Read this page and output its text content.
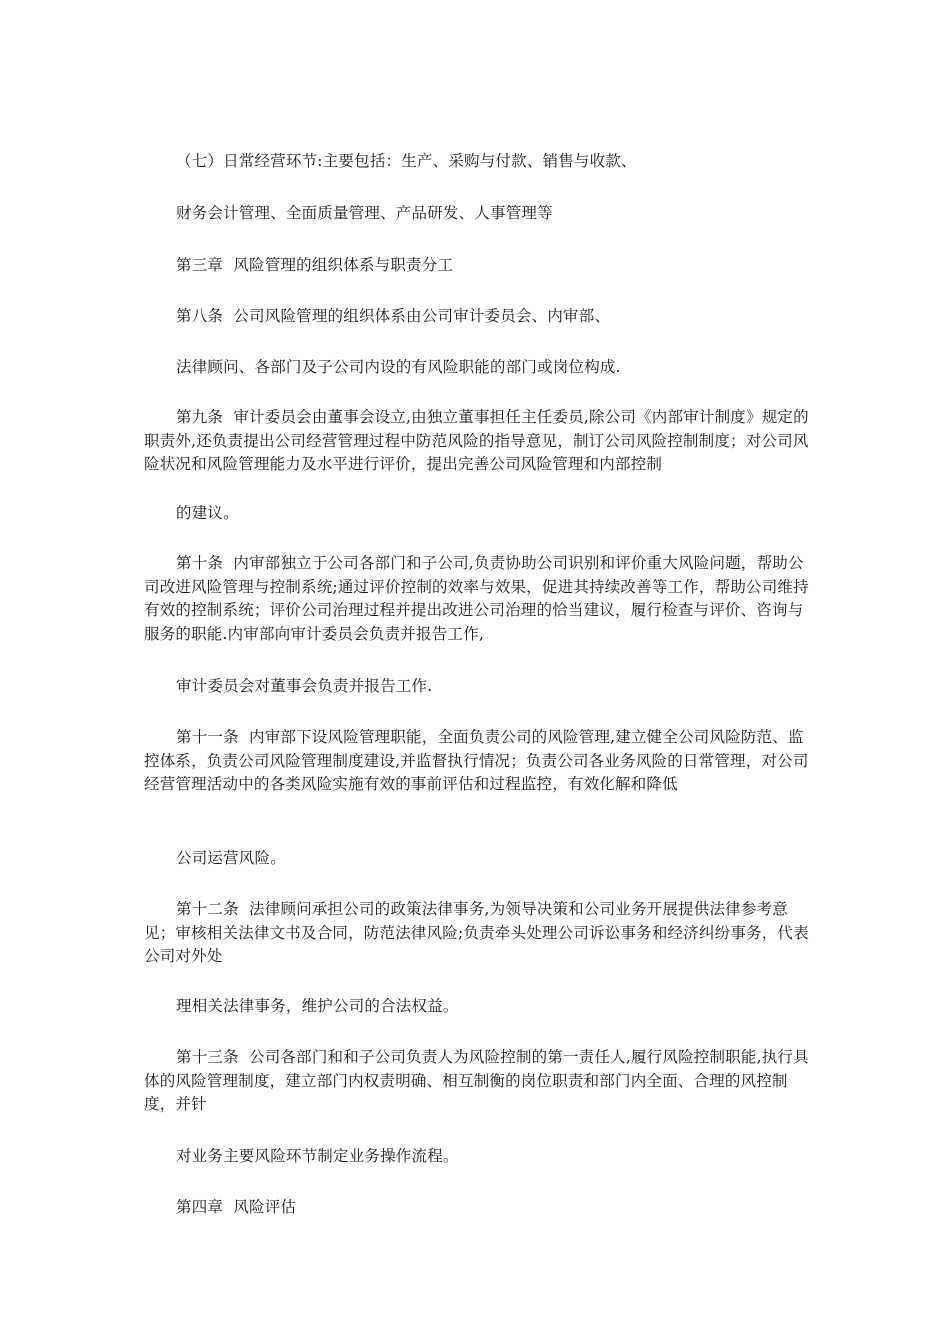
（七）日常经营环节:主要包括：生产、采购与付款、销售与收款、

财务会计管理、全面质量管理、产品研发、人事管理等

第三章  风险管理的组织体系与职责分工

第八条  公司风险管理的组织体系由公司审计委员会、内审部、

法律顾问、各部门及子公司内设的有风险职能的部门或岗位构成.

第九条  审计委员会由董事会设立,由独立董事担任主任委员,除公司《内部审计制度》规定的职责外,还负责提出公司经营管理过程中防范风险的指导意见，制订公司风险控制制度；对公司风险状况和风险管理能力及水平进行评价，提出完善公司风险管理和内部控制

的建议。

第十条  内审部独立于公司各部门和子公司,负责协助公司识别和评价重大风险问题，帮助公司改进风险管理与控制系统;通过评价控制的效率与效果，促进其持续改善等工作，帮助公司维持有效的控制系统；评价公司治理过程并提出改进公司治理的恰当建议，履行检查与评价、咨询与服务的职能.内审部向审计委员会负责并报告工作,

审计委员会对董事会负责并报告工作.

第十一条  内审部下设风险管理职能，全面负责公司的风险管理,建立健全公司风险防范、监控体系，负责公司风险管理制度建设,并监督执行情况；负责公司各业务风险的日常管理，对公司经营管理活动中的各类风险实施有效的事前评估和过程监控，有效化解和降低

公司运营风险。

第十二条  法律顾问承担公司的政策法律事务,为领导决策和公司业务开展提供法律参考意见；审核相关法律文书及合同，防范法律风险;负责牵头处理公司诉讼事务和经济纠纷事务，代表公司对外处

理相关法律事务，维护公司的合法权益。

第十三条  公司各部门和和子公司负责人为风险控制的第一责任人,履行风险控制职能,执行具体的风险管理制度，建立部门内权责明确、相互制衡的岗位职责和部门内全面、合理的风控制度，并针

对业务主要风险环节制定业务操作流程。

第四章  风险评估
